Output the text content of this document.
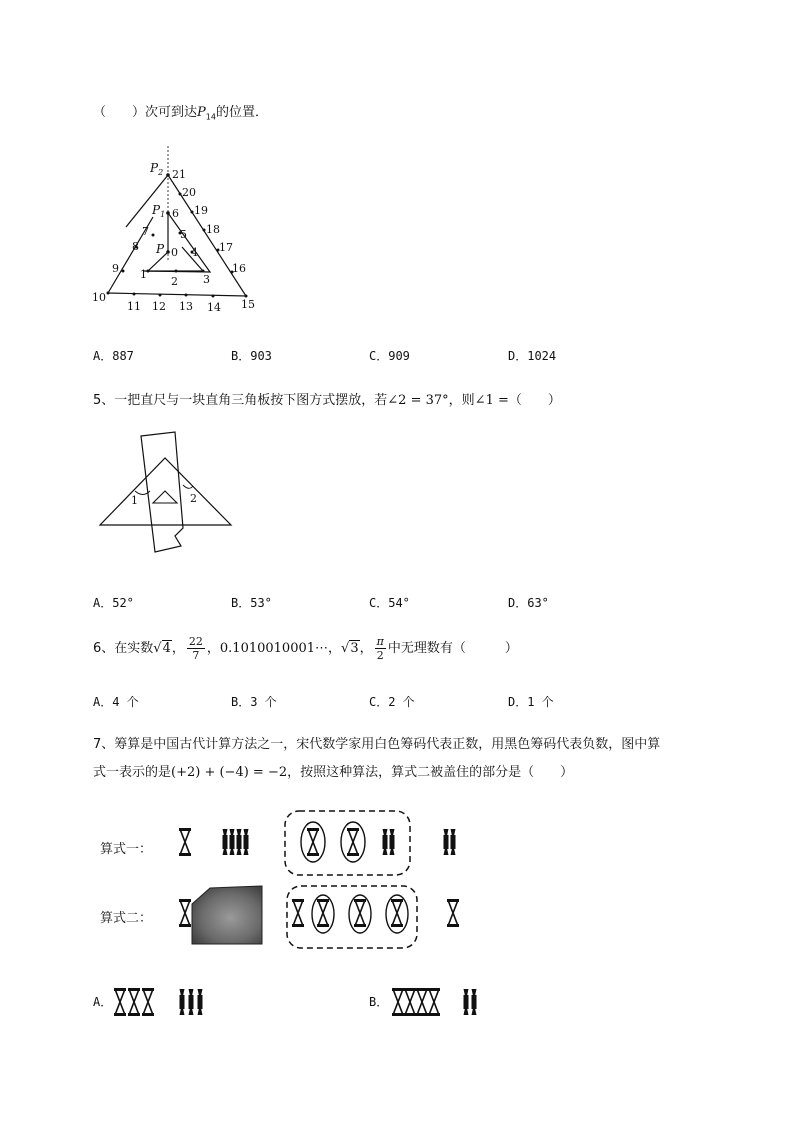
（　　）次可到达$P_{14}$的位置．
$P_2$
$P_1$
P 0
1
2 3
4
5
6
7
8
9
10
11 12 13 14 15
16
17
18
19
20
21
A．887	B．903	C．909	D．1024
5、一把直尺与一块直角三角板按下图方式摆放，若∠2 = 37°，则∠1 =（　　）
1	2
A．52°	B．53°	C．54°	D．63°
6、在实数√4， $\frac{22}{7}$ ，0.1010010001⋯，√3， $\frac{\pi}{2}$ 中无理数有（　　　）
A．4 个	B．3 个	C．2 个	D．1 个
7、筹算是中国古代计算方法之一，宋代数学家用白色筹码代表正数，用黑色筹码代表负数，图中算
式一表示的是(+2) + (−4) = −2，按照这种算法，算式二被盖住的部分是（　　）
算式一：
算式二：
A．	B．
